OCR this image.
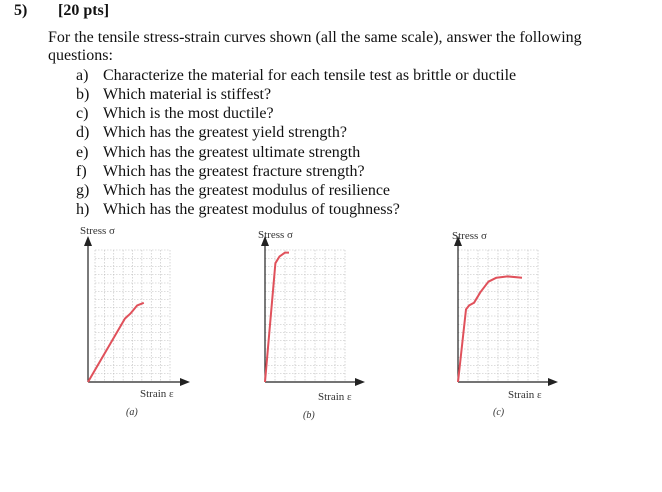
5) [20 pts]
For the tensile stress-strain curves shown (all the same scale), answer the following questions:
a) Characterize the material for each tensile test as brittle or ductile
b) Which material is stiffest?
c) Which is the most ductile?
d) Which has the greatest yield strength?
e) Which has the greatest ultimate strength
f) Which has the greatest fracture strength?
g) Which has the greatest modulus of resilience
h) Which has the greatest modulus of toughness?
Stress σ
Strain ε
(a)
Stress σ
Strain ε
(b)
Stress σ
Strain ε
(c)
